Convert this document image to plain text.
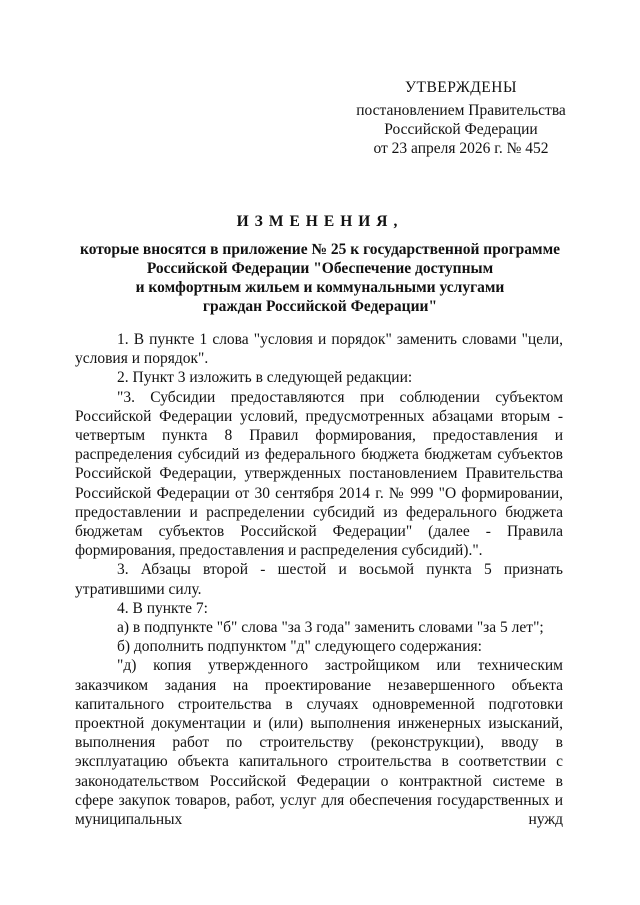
УТВЕРЖДЕНЫ
постановлением Правительства
Российской Федерации
от 23 апреля 2026 г. № 452
ИЗМЕНЕНИЯ,
которые вносятся в приложение № 25 к государственной программе
Российской Федерации "Обеспечение доступным
и комфортным жильем и коммунальными услугами
граждан Российской Федерации"

1. В пункте 1 слова "условия и порядок" заменить словами "цели, условия и порядок".

2. Пункт 3 изложить в следующей редакции:

"3. Субсидии предоставляются при соблюдении субъектом Российской Федерации условий, предусмотренных абзацами вторым - четвертым пункта 8 Правил формирования, предоставления и распределения субсидий из федерального бюджета бюджетам субъектов Российской Федерации, утвержденных постановлением Правительства Российской Федерации от 30 сентября 2014 г. № 999 "О формировании, предоставлении и распределении субсидий из федерального бюджета бюджетам субъектов Российской Федерации" (далее - Правила формирования, предоставления и распределения субсидий).".

3. Абзацы второй - шестой и восьмой пункта 5 признать утратившими силу.

4. В пункте 7:

а) в подпункте "б" слова "за 3 года" заменить словами "за 5 лет";

б) дополнить подпунктом "д" следующего содержания:

"д) копия утвержденного застройщиком или техническим заказчиком задания на проектирование незавершенного объекта капитального строительства в случаях одновременной подготовки проектной документации и (или) выполнения инженерных изысканий, выполнения работ по строительству (реконструкции), вводу в эксплуатацию объекта капитального строительства в соответствии с законодательством Российской Федерации о контрактной системе в сфере закупок товаров, работ, услуг для обеспечения государственных и муниципальных нужд
